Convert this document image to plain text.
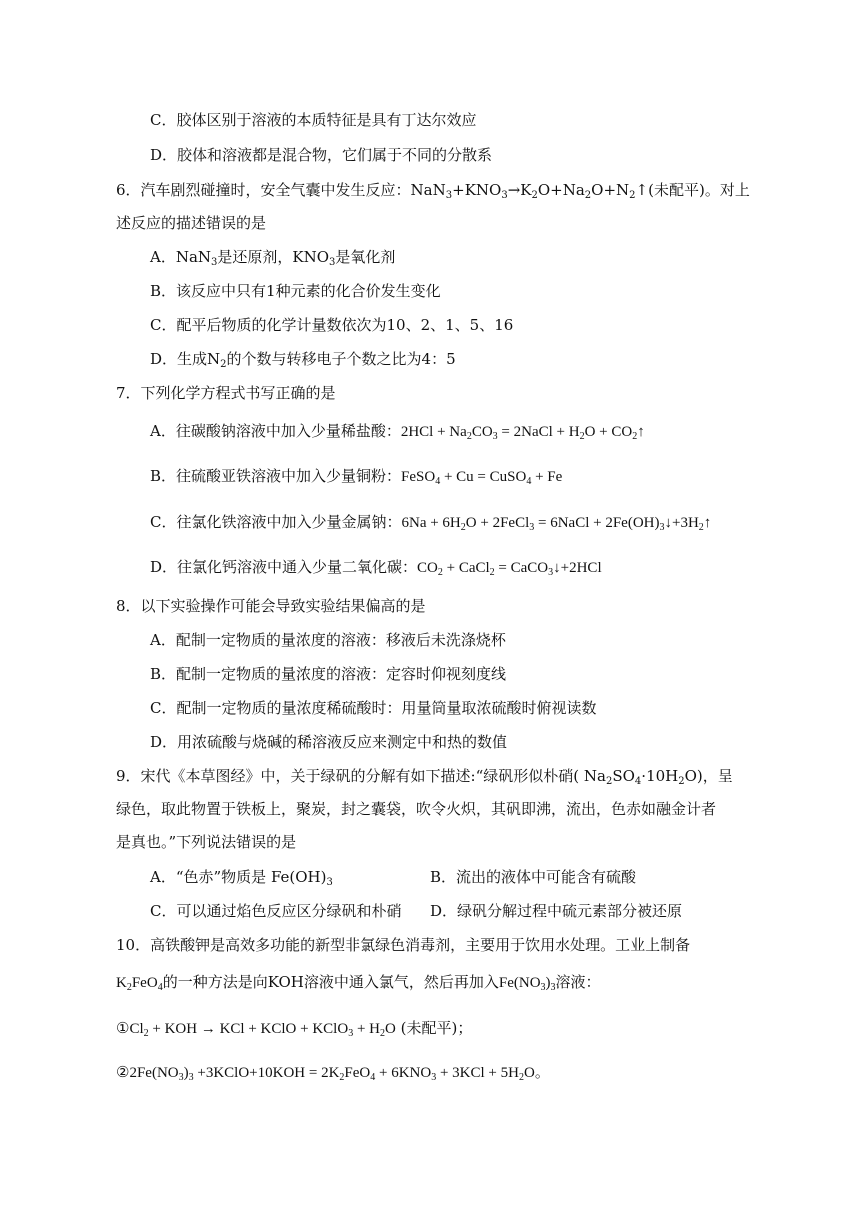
C．胶体区别于溶液的本质特征是具有丁达尔效应
D．胶体和溶液都是混合物，它们属于不同的分散系
6．汽车剧烈碰撞时，安全气囊中发生反应：$NaN_3+KNO_3\to K_2O+Na_2O+N_2↑$(未配平)。对上
述反应的描述错误的是
A．NaN$_3$是还原剂，$KNO_3$是氧化剂
B．该反应中只有1种元素的化合价发生变化
C．配平后物质的化学计量数依次为10、2、1、5、16
D．生成$N_2$的个数与转移电子个数之比为4：5
7．下列化学方程式书写正确的是
A．往碳酸钠溶液中加入少量稀盐酸：$2HCl + Na_2CO_3$ = 2NaCl + $H_2O$ + $CO_2↑$
B．往硫酸亚铁溶液中加入少量铜粉：FeSO$_4$ + Cu = CuSO$_4$ + Fe
C．往氯化铁溶液中加入少量金属钠：$6Na + 6H_2O$ + 2FeCl$_3$ = 6NaCl + $2Fe(OH)_3↓+3H_2↑$
D．往氯化钙溶液中通入少量二氧化碳：$CO_2$ + CaCl$_2$ = CaCO$_3$↓+2HCl
8．以下实验操作可能会导致实验结果偏高的是
A．配制一定物质的量浓度的溶液：移液后未洗涤烧杯
B．配制一定物质的量浓度的溶液：定容时仰视刻度线
C．配制一定物质的量浓度稀硫酸时：用量筒量取浓硫酸时俯视读数
D．用浓硫酸与烧碱的稀溶液反应来测定中和热的数值
9．宋代《本草图经》中，关于绿矾的分解有如下描述:“绿矾形似朴硝( $Na_2SO_4\cdot 10H_2O$)，呈
绿色，取此物置于铁板上，聚炭，封之囊袋，吹令火炽，其矾即沸，流出，色赤如融金计者
是真也。”下列说法错误的是
A．“色赤”物质是 $Fe(OH)_3$	B．流出的液体中可能含有硫酸
C．可以通过焰色反应区分绿矾和朴硝 D．绿矾分解过程中硫元素部分被还原
10．高铁酸钾是高效多功能的新型非氯绿色消毒剂，主要用于饮用水处理。工业上制备
$K_2FeO_4$的一种方法是向KOH溶液中通入氯气，然后再加入$Fe(NO_3)_3$溶液：
$①Cl_2$ + KOH → KCl + KClO + KClO$_3$ + $H_2O$ (未配平)；
$②2Fe(NO_3)_3$ +3KClO+10KOH = $2K_2FeO_4 + 6KNO_3 + 3KCl + 5H_2O$。
